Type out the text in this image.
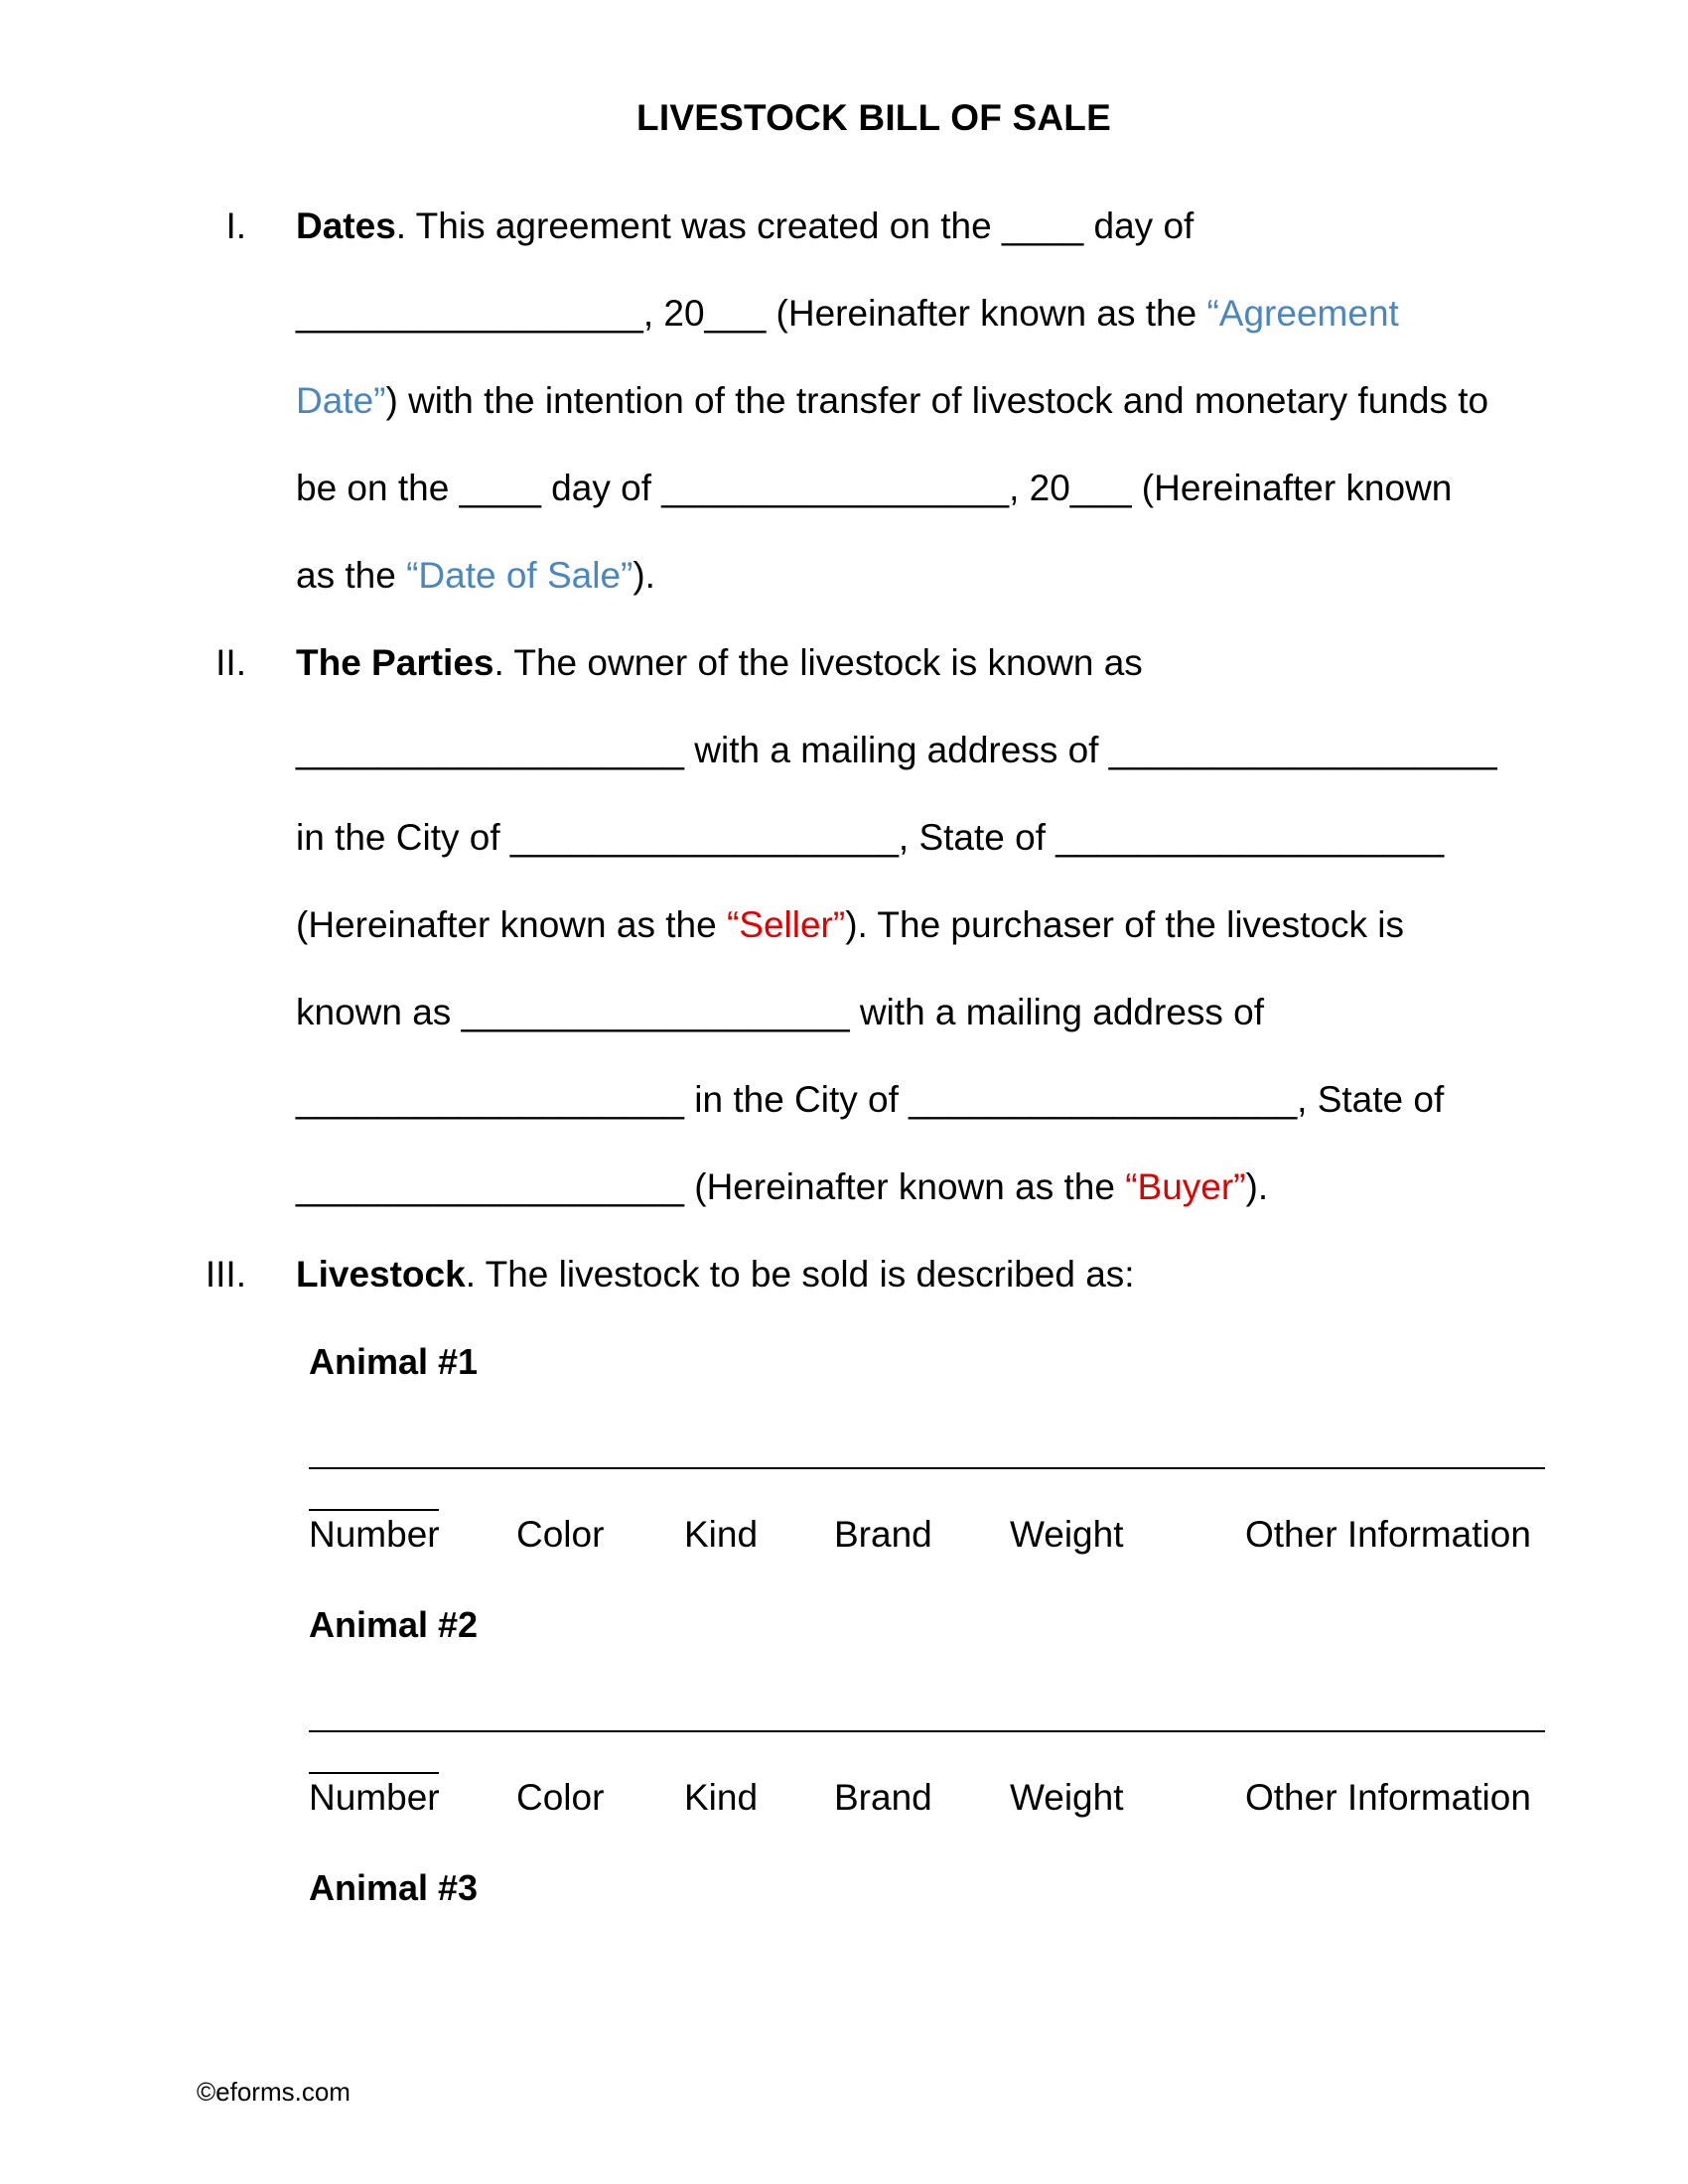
LIVESTOCK BILL OF SALE
I. Dates. This agreement was created on the ____ day of
_________________, 20___ (Hereinafter known as the “Agreement
Date”) with the intention of the transfer of livestock and monetary funds to
be on the ____ day of _________________, 20___ (Hereinafter known
as the “Date of Sale”).
II. The Parties. The owner of the livestock is known as
___________________ with a mailing address of ___________________
in the City of ___________________, State of ___________________
(Hereinafter known as the “Seller”). The purchaser of the livestock is
known as ___________________ with a mailing address of
___________________ in the City of ___________________, State of
___________________ (Hereinafter known as the “Buyer”).
III. Livestock. The livestock to be sold is described as:
Animal #1
Number Color Kind Brand Weight	Other Information
Animal #2
Number Color Kind Brand Weight	Other Information
Animal #3
©eforms.com
